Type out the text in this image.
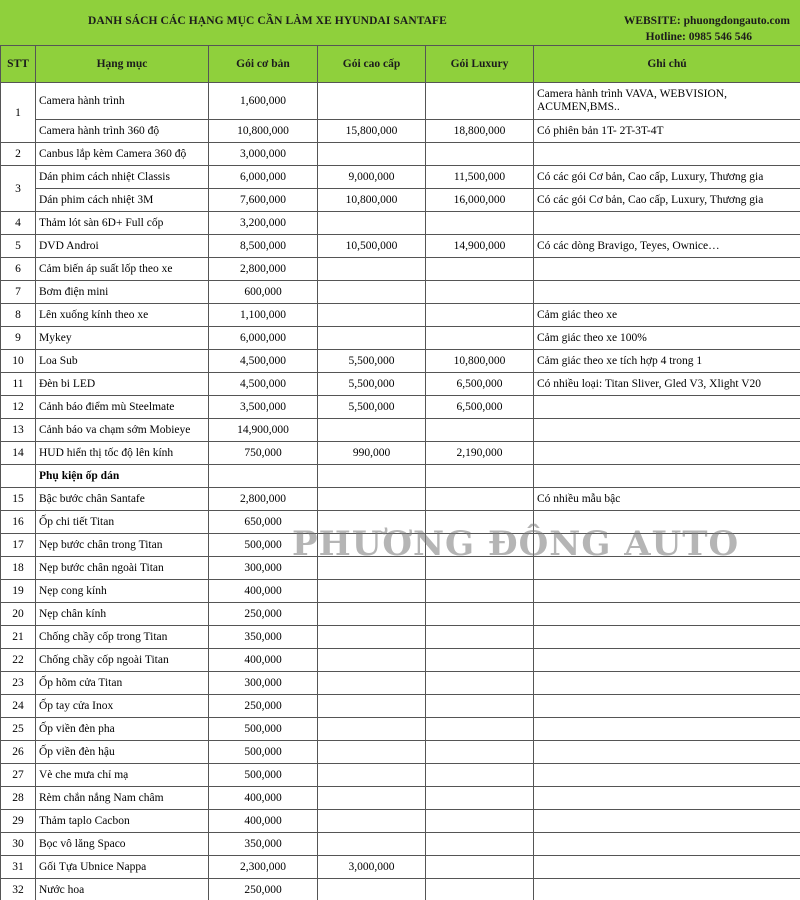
DANH SÁCH CÁC HẠNG MỤC CẦN LÀM XE HYUNDAI SANTAFE	WEBSITE: phuongdongauto.com
Hotline: 0985 546 546
STT	Hạng mục	Gói cơ bản	Gói cao cấp	Gói Luxury	Ghi chú
1	Camera hành trình	1,600,000			Camera hành trình VAVA, WEBVISION, ACUMEN,BMS..
	Camera hành trình 360 độ	10,800,000	15,800,000	18,800,000	Có phiên bản 1T- 2T-3T-4T
2	Canbus lắp kèm Camera 360 độ	3,000,000			
3	Dán phim cách nhiệt Classis	6,000,000	9,000,000	11,500,000	Có các gói Cơ bản, Cao cấp, Luxury, Thương gia
	Dán phim cách nhiệt 3M	7,600,000	10,800,000	16,000,000	Có các gói Cơ bản, Cao cấp, Luxury, Thương gia
4	Thảm lót sàn 6D+ Full cốp	3,200,000			
5	DVD Androi	8,500,000	10,500,000	14,900,000	Có các dòng Bravigo, Teyes, Ownice…
6	Cảm biến áp suất lốp theo xe	2,800,000			
7	Bơm điện mini	600,000			
8	Lên xuống kính theo xe	1,100,000			Cảm giác theo xe
9	Mykey	6,000,000			Cảm giác theo xe 100%
10	Loa Sub	4,500,000	5,500,000	10,800,000	Cảm giác theo xe tích hợp 4 trong 1
11	Đèn bi LED	4,500,000	5,500,000	6,500,000	Có nhiều loại: Titan Sliver, Gled V3, Xlight V20
12	Cảnh báo điểm mù Steelmate	3,500,000	5,500,000	6,500,000	
13	Cảnh báo va chạm sớm Mobieye	14,900,000			
14	HUD hiển thị tốc độ lên kính	750,000	990,000	2,190,000	
	Phụ kiện ốp dán				
15	Bậc bước chân Santafe	2,800,000			Có nhiều mẫu bậc
16	Ốp chi tiết Titan	650,000			
17	Nẹp bước chân trong Titan	500,000			
18	Nẹp bước chân ngoài Titan	300,000			
19	Nẹp cong kính	400,000			
20	Nẹp chân kính	250,000			
21	Chống chầy cốp trong Titan	350,000			
22	Chống chầy cốp ngoài Titan	400,000			
23	Ốp hõm cửa Titan	300,000			
24	Ốp tay cửa Inox	250,000			
25	Ốp viền đèn pha	500,000			
26	Ốp viền đèn hậu	500,000			
27	Vè che mưa chỉ mạ	500,000			
28	Rèm chắn nắng Nam châm	400,000			
29	Thảm taplo Cacbon	400,000			
30	Bọc vô lăng Spaco	350,000			
31	Gối Tựa Ubnice Nappa	2,300,000	3,000,000		
32	Nước hoa	250,000			
PHƯƠNG ĐÔNG AUTO
